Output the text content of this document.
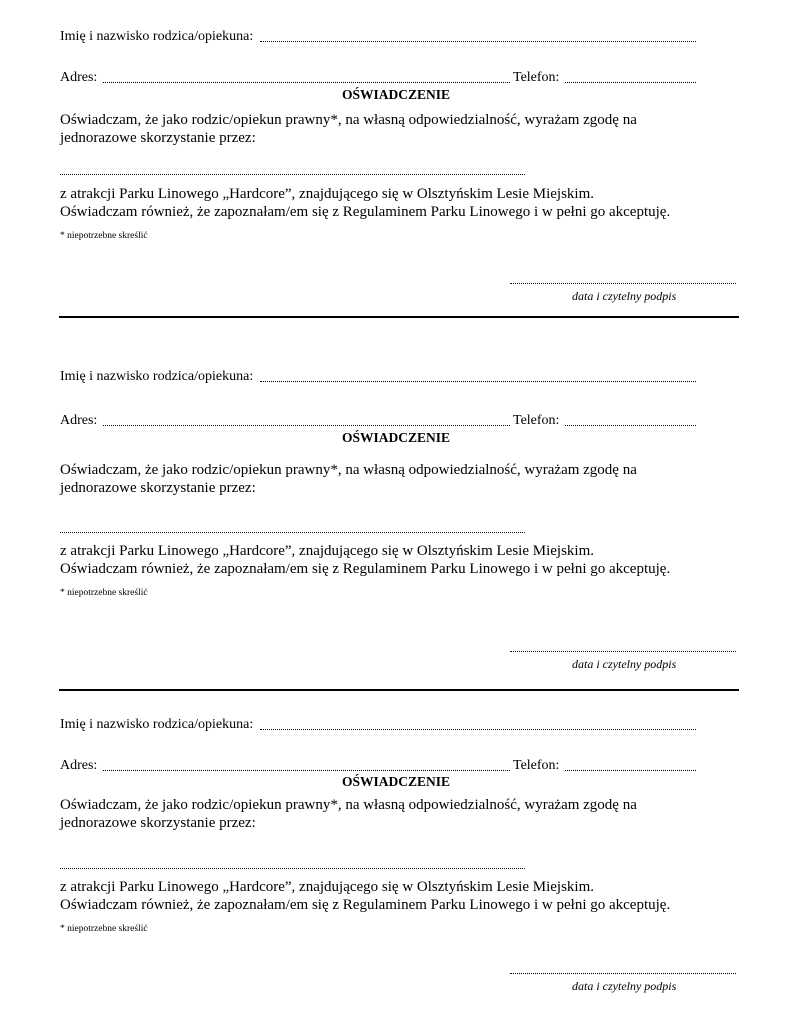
Imię i nazwisko rodzica/opiekuna:
Adres:	Telefon:
OŚWIADCZENIE
Oświadczam, że jako rodzic/opiekun prawny*, na własną odpowiedzialność, wyrażam zgodę na
jednorazowe skorzystanie przez:
z atrakcji Parku Linowego „Hardcore”, znajdującego się w Olsztyńskim Lesie Miejskim.
Oświadczam również, że zapoznałam/em się z Regulaminem Parku Linowego i w pełni go akceptuję.
* niepotrzebne skreślić
data i czytelny podpis
Imię i nazwisko rodzica/opiekuna:
Adres:	Telefon:
OŚWIADCZENIE
Oświadczam, że jako rodzic/opiekun prawny*, na własną odpowiedzialność, wyrażam zgodę na
jednorazowe skorzystanie przez:
z atrakcji Parku Linowego „Hardcore”, znajdującego się w Olsztyńskim Lesie Miejskim.
Oświadczam również, że zapoznałam/em się z Regulaminem Parku Linowego i w pełni go akceptuję.
* niepotrzebne skreślić
data i czytelny podpis
Imię i nazwisko rodzica/opiekuna:
Adres:	Telefon:
OŚWIADCZENIE
Oświadczam, że jako rodzic/opiekun prawny*, na własną odpowiedzialność, wyrażam zgodę na
jednorazowe skorzystanie przez:
z atrakcji Parku Linowego „Hardcore”, znajdującego się w Olsztyńskim Lesie Miejskim.
Oświadczam również, że zapoznałam/em się z Regulaminem Parku Linowego i w pełni go akceptuję.
* niepotrzebne skreślić
data i czytelny podpis
